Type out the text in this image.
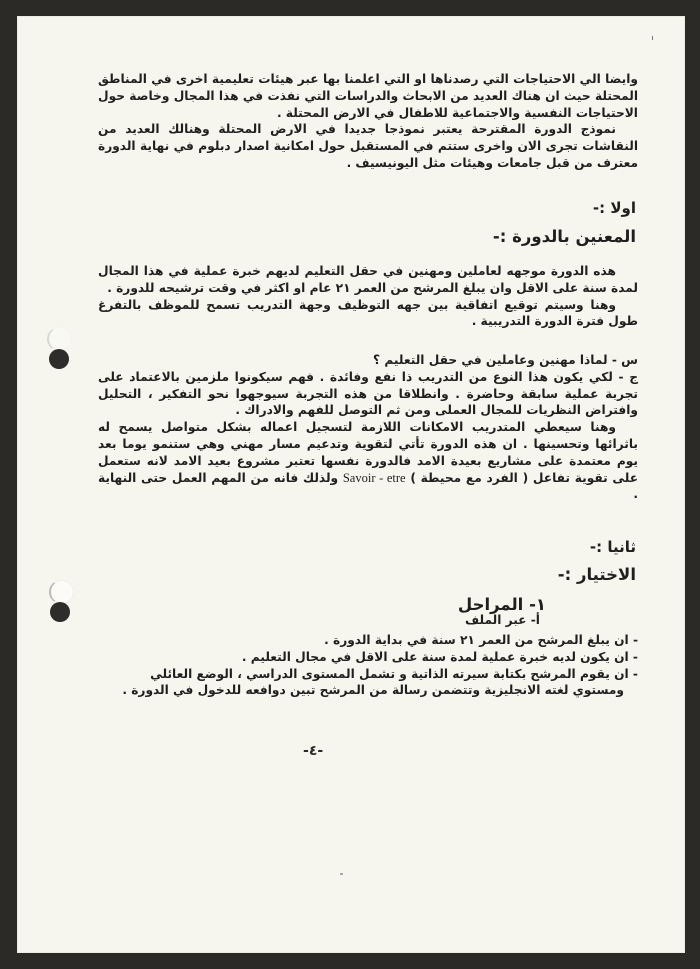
وايضا الي الاحتياجات التي رصدناها او التي اعلمنا بها عبر هيئات تعليمية اخرى في المناطق المحتلة حيث ان هناك العديد من الابحاث والدراسات التي نفذت في هذا المجال وخاصة حول الاحتياجات النفسية والاجتماعية للاطفال في الارض المحتلة .

نموذج الدورة المقترحة يعتبر نموذجا جديدا في الارض المحتلة وهنالك العديد من النقاشات تجرى الان واخرى ستتم في المستقبل حول امكانية اصدار دبلوم في نهاية الدورة معترف من قبل جامعات وهيئات مثل اليونيسيف .

اولا :-
المعنين بالدورة :-

هذه الدورة موجهه لعاملين ومهنين في حقل التعليم لديهم خبرة عملية في هذا المجال لمدة سنة على الاقل وان يبلغ المرشح من العمر ٢١ عام او اكثر في وقت ترشيحه للدورة .

وهنا وسيتم توقيع اتفاقية بين جهه التوظيف وجهة التدريب تسمح للموظف بالتفرغ طول فترة الدورة التدريبية .

س - لماذا مهنين وعاملين في حقل التعليم ؟

ج - لكي يكون هذا النوع من التدريب ذا نفع وفائدة . فهم سيكونوا ملزمين بالاعتماد على تجربة عملية سابقة وحاضرة . وانطلاقا من هذه التجربة سيوجهوا نحو التفكير ، التحليل وافتراض النظريات للمجال العملى ومن ثم التوصل للفهم والادراك .

وهنا سيعطي المتدريب الامكانات اللازمة لتسجيل اعماله بشكل متواصل يسمح له باثرائها وتحسينها . ان هذه الدورة تأتي لتقوية وتدعيم مسار مهني وهي ستنمو يوما بعد يوم معتمدة على مشاريع بعيدة الامد فالدورة نفسها تعتبر مشروع بعيد الامد لانه ستعمل على تقوية تفاعل ( الفرد مع محيطة ) Savoir - etre ولذلك فانه من المهم العمل حتى النهاية .

ثانيا :-
الاختيار :-
١- المراحل
أ- عبر الملف

- ان يبلغ المرشح من العمر ٢١ سنة في بداية الدورة .

- ان يكون لديه خبرة عملية لمدة سنة على الاقل في مجال التعليم .

- ان يقوم المرشح بكتابة سيرته الذاتية و تشمل المستوى الدراسي ، الوضع العائلي

ومستوي لغته الانجليزية وتتضمن رسالة من المرشح تبين دوافعه للدخول في الدورة .

-٤-
